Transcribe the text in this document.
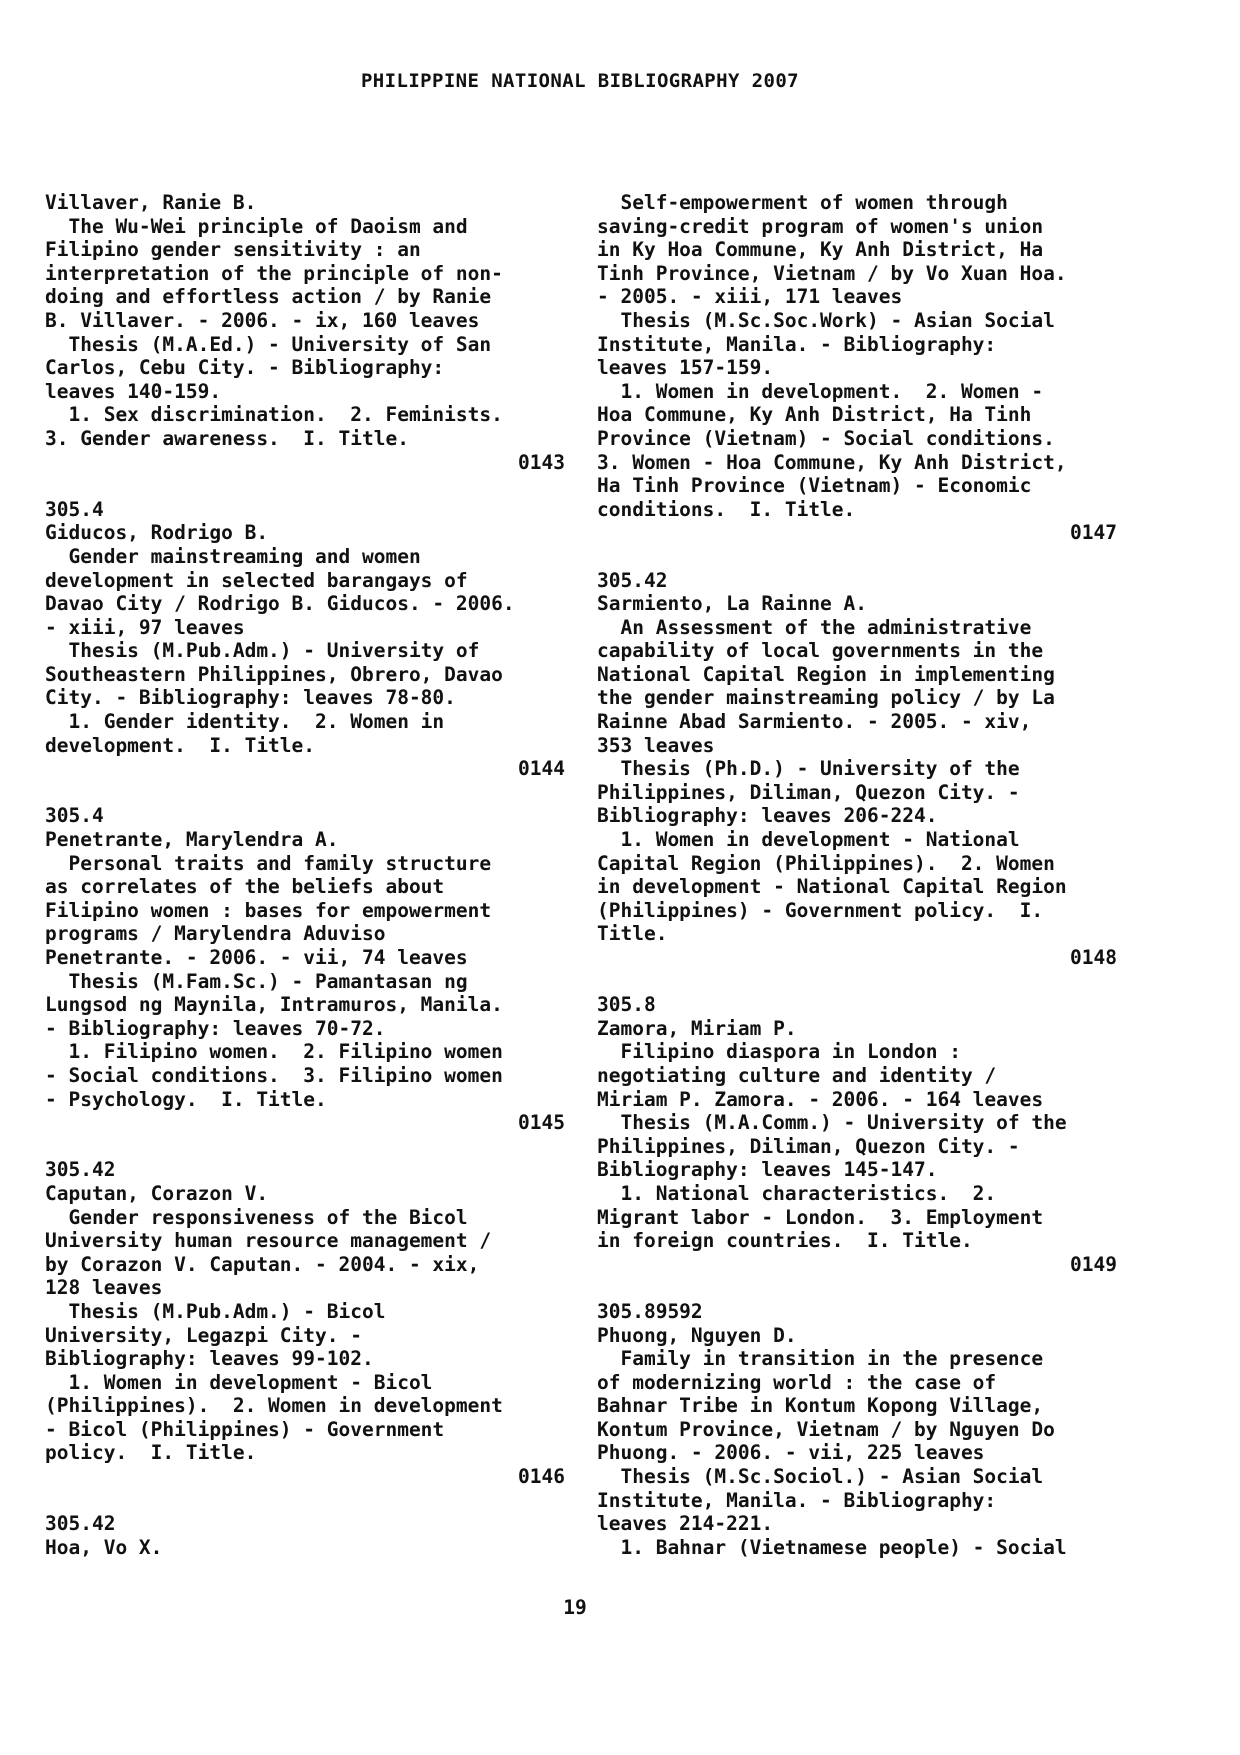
PHILIPPINE NATIONAL BIBLIOGRAPHY 2007
Villaver, Ranie B.
The Wu-Wei principle of Daoism and
Filipino gender sensitivity : an
interpretation of the principle of non-
doing and effortless action / by Ranie
B. Villaver. - 2006. - ix, 160 leaves
Thesis (M.A.Ed.) - University of San
Carlos, Cebu City. - Bibliography:
leaves 140-159.
1. Sex discrimination.  2. Feminists.
3. Gender awareness.  I. Title.
0143
305.4
Giducos, Rodrigo B.
Gender mainstreaming and women
development in selected barangays of
Davao City / Rodrigo B. Giducos. - 2006.
- xiii, 97 leaves
Thesis (M.Pub.Adm.) - University of
Southeastern Philippines, Obrero, Davao
City. - Bibliography: leaves 78-80.
1. Gender identity.  2. Women in
development.  I. Title.
0144
305.4
Penetrante, Marylendra A.
Personal traits and family structure
as correlates of the beliefs about
Filipino women : bases for empowerment
programs / Marylendra Aduviso
Penetrante. - 2006. - vii, 74 leaves
Thesis (M.Fam.Sc.) - Pamantasan ng
Lungsod ng Maynila, Intramuros, Manila.
- Bibliography: leaves 70-72.
1. Filipino women.  2. Filipino women
- Social conditions.  3. Filipino women
- Psychology.  I. Title.
0145
305.42
Caputan, Corazon V.
Gender responsiveness of the Bicol
University human resource management /
by Corazon V. Caputan. - 2004. - xix,
128 leaves
Thesis (M.Pub.Adm.) - Bicol
University, Legazpi City. -
Bibliography: leaves 99-102.
1. Women in development - Bicol
(Philippines).  2. Women in development
- Bicol (Philippines) - Government
policy.  I. Title.
0146
305.42
Hoa, Vo X.
Self-empowerment of women through
saving-credit program of women's union
in Ky Hoa Commune, Ky Anh District, Ha
Tinh Province, Vietnam / by Vo Xuan Hoa.
- 2005. - xiii, 171 leaves
Thesis (M.Sc.Soc.Work) - Asian Social
Institute, Manila. - Bibliography:
leaves 157-159.
1. Women in development.  2. Women -
Hoa Commune, Ky Anh District, Ha Tinh
Province (Vietnam) - Social conditions.
3. Women - Hoa Commune, Ky Anh District,
Ha Tinh Province (Vietnam) - Economic
conditions.  I. Title.
0147
305.42
Sarmiento, La Rainne A.
An Assessment of the administrative
capability of local governments in the
National Capital Region in implementing
the gender mainstreaming policy / by La
Rainne Abad Sarmiento. - 2005. - xiv,
353 leaves
Thesis (Ph.D.) - University of the
Philippines, Diliman, Quezon City. -
Bibliography: leaves 206-224.
1. Women in development - National
Capital Region (Philippines).  2. Women
in development - National Capital Region
(Philippines) - Government policy.  I.
Title.
0148
305.8
Zamora, Miriam P.
Filipino diaspora in London :
negotiating culture and identity /
Miriam P. Zamora. - 2006. - 164 leaves
Thesis (M.A.Comm.) - University of the
Philippines, Diliman, Quezon City. -
Bibliography: leaves 145-147.
1. National characteristics.  2.
Migrant labor - London.  3. Employment
in foreign countries.  I. Title.
0149
305.89592
Phuong, Nguyen D.
Family in transition in the presence
of modernizing world : the case of
Bahnar Tribe in Kontum Kopong Village,
Kontum Province, Vietnam / by Nguyen Do
Phuong. - 2006. - vii, 225 leaves
Thesis (M.Sc.Sociol.) - Asian Social
Institute, Manila. - Bibliography:
leaves 214-221.
1. Bahnar (Vietnamese people) - Social
19
